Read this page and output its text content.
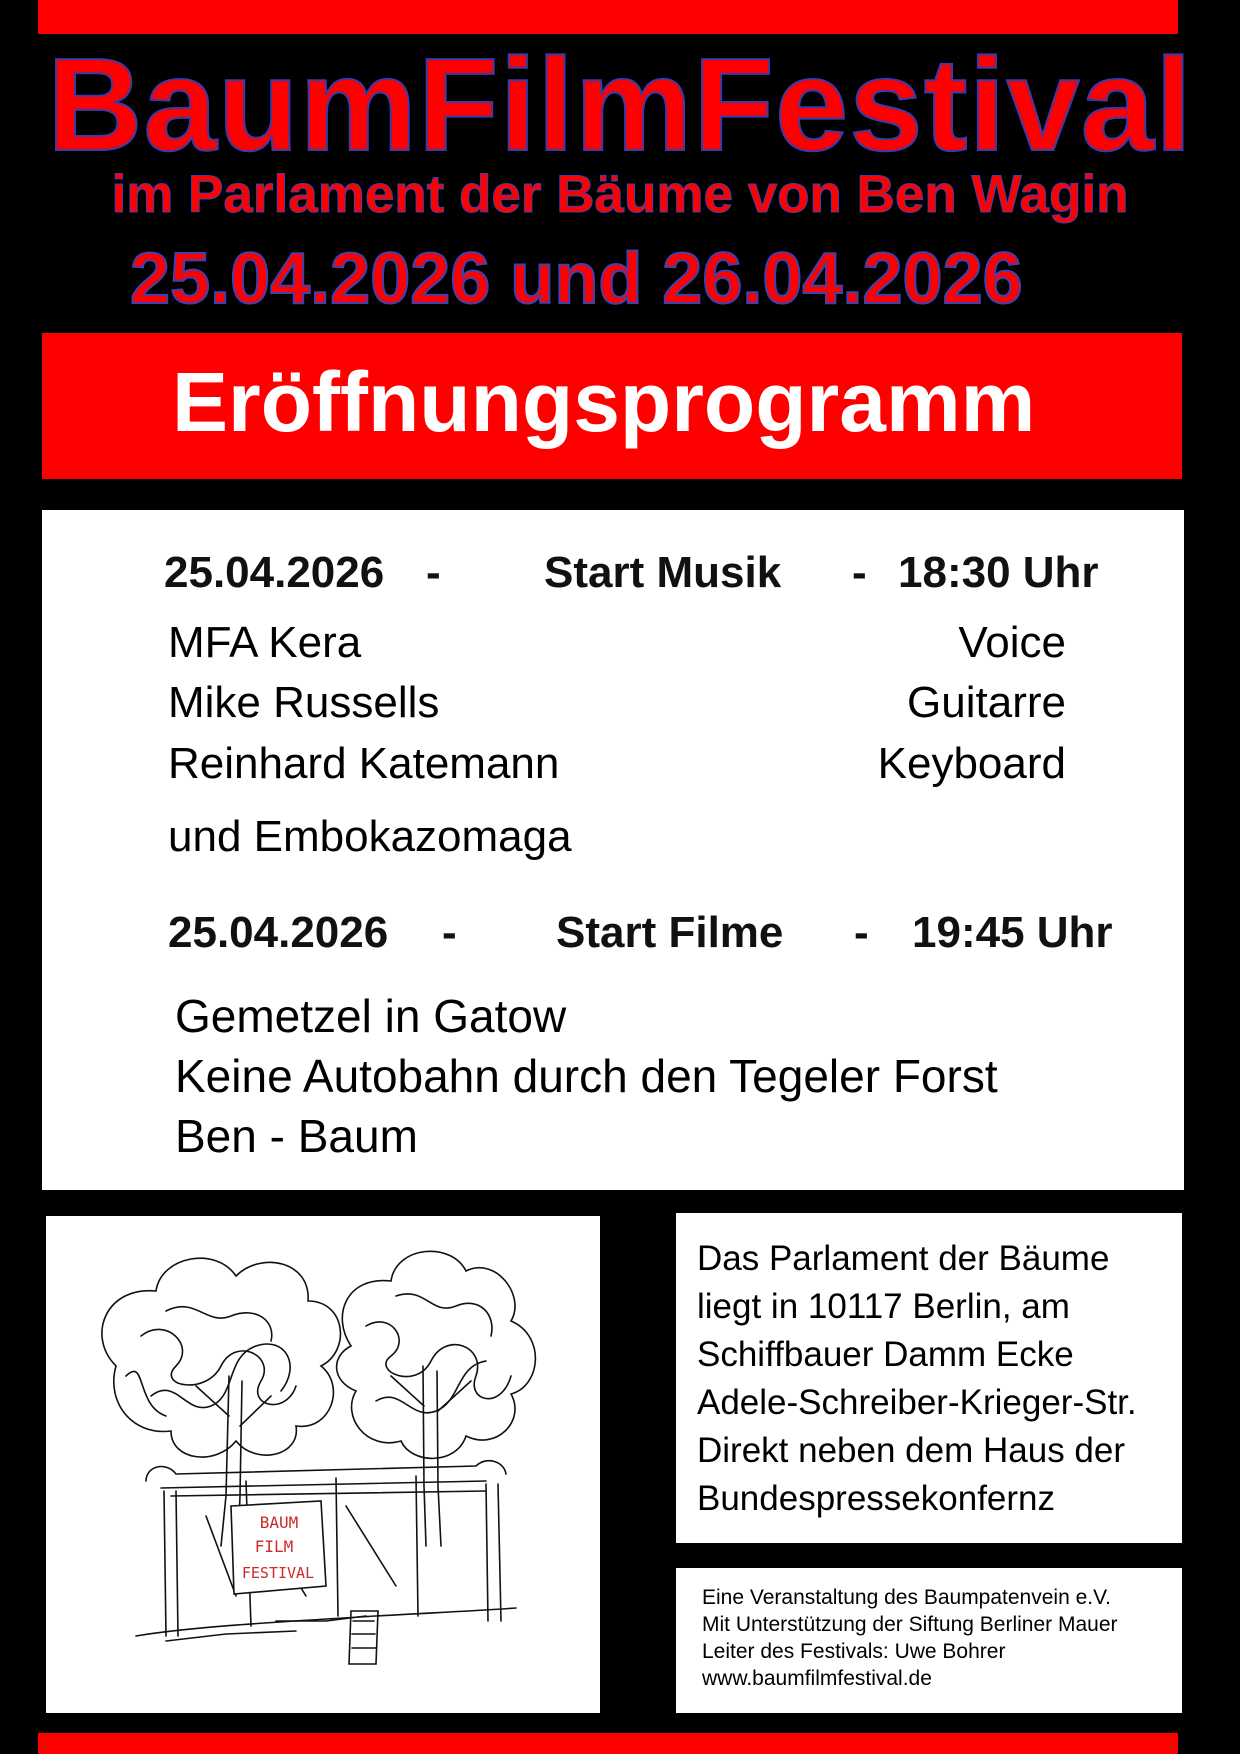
BaumFilmFestival
im Parlament der Bäume von Ben Wagin
25.04.2026 und 26.04.2026
Eröffnungsprogramm
25.04.2026 - Start Musik - 18:30 Uhr
MFA Kera	Voice
Mike Russells	Guitarre
Reinhard Katemann	Keyboard
und Embokazomaga
25.04.2026 - Start Filme - 19:45 Uhr
Gemetzel in Gatow
Keine Autobahn durch den Tegeler Forst
Ben - Baum
BAUM
FILM
FESTIVAL
Das Parlament der Bäume
liegt in 10117 Berlin, am
Schiffbauer Damm Ecke
Adele-Schreiber-Krieger-Str.
Direkt neben dem Haus der
Bundespressekonfernz
Eine Veranstaltung des Baumpatenvein e.V.
Mit Unterstützung der Siftung Berliner Mauer
Leiter des Festivals: Uwe Bohrer
www.baumfilmfestival.de
